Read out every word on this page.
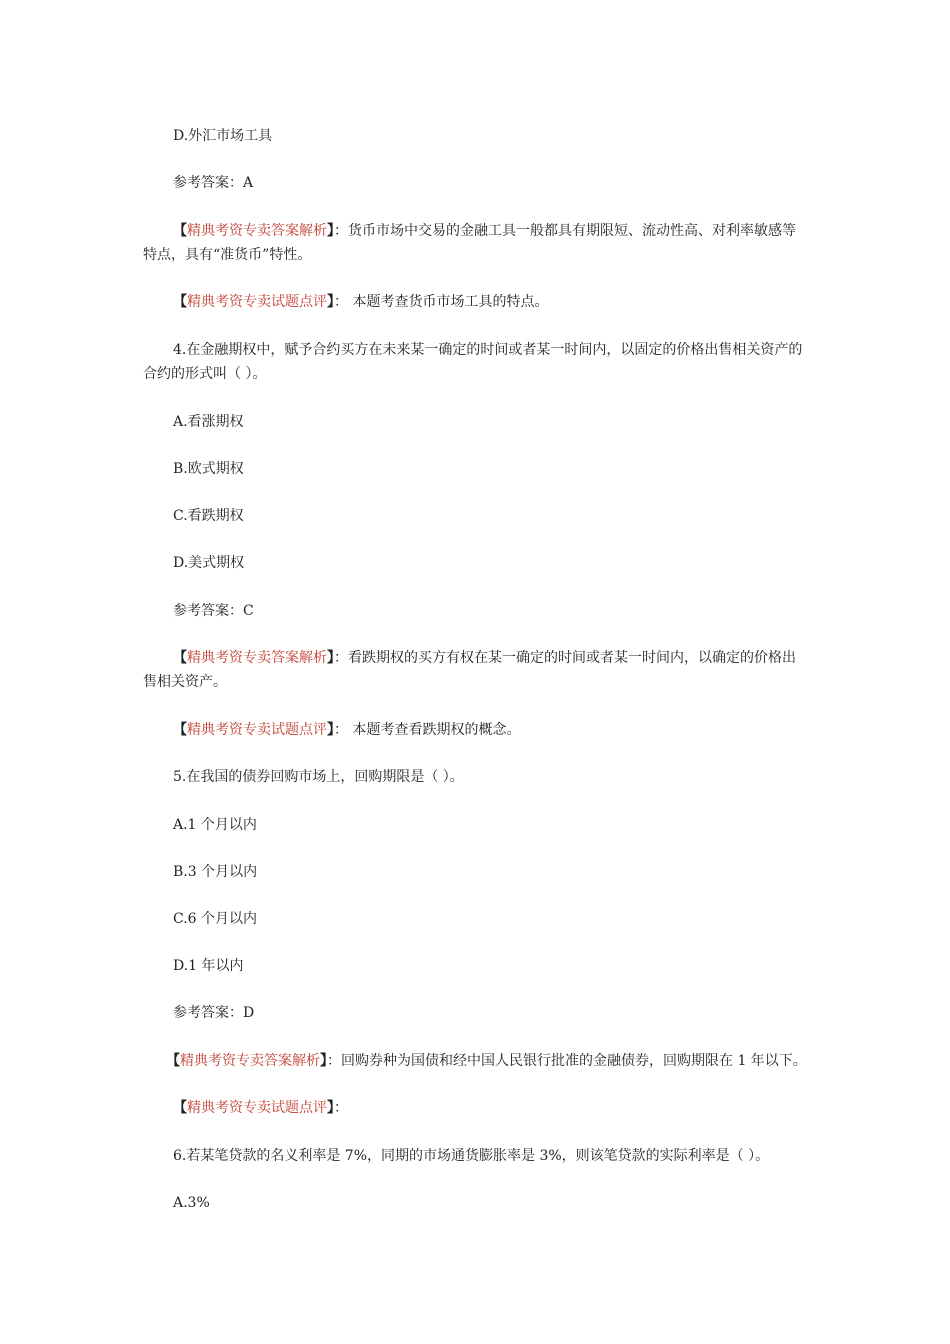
D.外汇市场工具
参考答案：A
【精典考资专卖答案解析】：货币市场中交易的金融工具一般都具有期限短、流动性高、对利率敏感等特点，具有“准货币”特性。
【精典考资专卖试题点评】： 本题考查货币市场工具的特点。
4.在金融期权中，赋予合约买方在未来某一确定的时间或者某一时间内，以固定的价格出售相关资产的合约的形式叫（ ）。
A.看涨期权
B.欧式期权
C.看跌期权
D.美式期权
参考答案：C
【精典考资专卖答案解析】：看跌期权的买方有权在某一确定的时间或者某一时间内，以确定的价格出售相关资产。
【精典考资专卖试题点评】： 本题考查看跌期权的概念。
5.在我国的债券回购市场上，回购期限是（ ）。
A.1 个月以内
B.3 个月以内
C.6 个月以内
D.1 年以内
参考答案：D
【精典考资专卖答案解析】：回购券种为国债和经中国人民银行批准的金融债券，回购期限在 1 年以下。
【精典考资专卖试题点评】：
6.若某笔贷款的名义利率是 7%，同期的市场通货膨胀率是 3%，则该笔贷款的实际利率是（ ）。
A.3%
